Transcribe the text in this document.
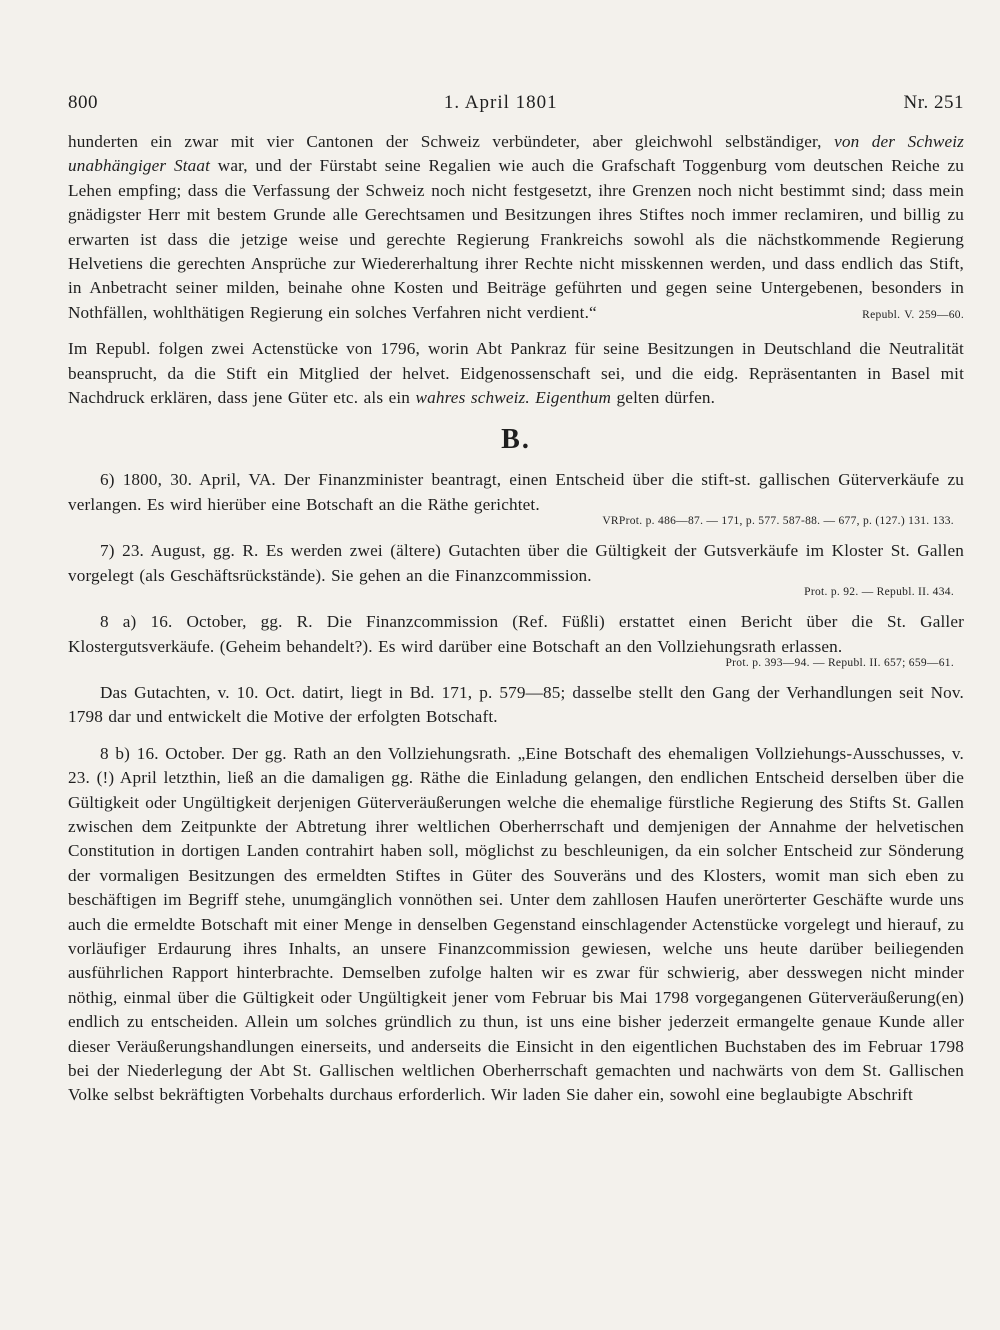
800	1. April 1801	Nr. 251

hunderten ein zwar mit vier Cantonen der Schweiz verbündeter, aber gleichwohl selbständiger, von der Schweiz unabhängiger Staat war, und der Fürstabt seine Regalien wie auch die Grafschaft Toggenburg vom deutschen Reiche zu Lehen empfing; dass die Verfassung der Schweiz noch nicht festgesetzt, ihre Grenzen noch nicht bestimmt sind; dass mein gnädigster Herr mit bestem Grunde alle Gerechtsamen und Besitzungen ihres Stiftes noch immer reclamiren, und billig zu erwarten ist dass die jetzige weise und gerechte Regierung Frankreichs sowohl als die nächstkommende Regierung Helvetiens die gerechten Ansprüche zur Wiedererhaltung ihrer Rechte nicht misskennen werden, und dass endlich das Stift, in Anbetracht seiner milden, beinahe ohne Kosten und Beiträge geführten und gegen seine Untergebenen, besonders in Nothfällen, wohlthätigen Regierung ein solches Verfahren nicht verdient.“	Republ. V. 259—60.

Im Republ. folgen zwei Actenstücke von 1796, worin Abt Pankraz für seine Besitzungen in Deutschland die Neutralität beansprucht, da die Stift ein Mitglied der helvet. Eidgenossenschaft sei, und die eidg. Repräsentanten in Basel mit Nachdruck erklären, dass jene Güter etc. als ein wahres schweiz. Eigenthum gelten dürfen.

B.

6) 1800, 30. April, VA. Der Finanzminister beantragt, einen Entscheid über die stift-st. gallischen Güterverkäufe zu verlangen. Es wird hierüber eine Botschaft an die Räthe gerichtet.

VRProt. p. 486—87. — 171, p. 577. 587-88. — 677, p. (127.) 131. 133.

7) 23. August, gg. R. Es werden zwei (ältere) Gutachten über die Gültigkeit der Gutsverkäufe im Kloster St. Gallen vorgelegt (als Geschäftsrückstände). Sie gehen an die Finanzcommission.

Prot. p. 92. — Republ. II. 434.

8 a) 16. October, gg. R. Die Finanzcommission (Ref. Füßli) erstattet einen Bericht über die St. Galler Klostergutsverkäufe. (Geheim behandelt?). Es wird darüber eine Botschaft an den Vollziehungsrath erlassen.

Prot. p. 393—94. — Republ. II. 657; 659—61.

Das Gutachten, v. 10. Oct. datirt, liegt in Bd. 171, p. 579—85; dasselbe stellt den Gang der Verhandlungen seit Nov. 1798 dar und entwickelt die Motive der erfolgten Botschaft.

8 b) 16. October. Der gg. Rath an den Vollziehungsrath. „Eine Botschaft des ehemaligen Vollziehungs-Ausschusses, v. 23. (!) April letzthin, ließ an die damaligen gg. Räthe die Einladung gelangen, den endlichen Entscheid derselben über die Gültigkeit oder Ungültigkeit derjenigen Güterveräußerungen welche die ehemalige fürstliche Regierung des Stifts St. Gallen zwischen dem Zeitpunkte der Abtretung ihrer weltlichen Oberherrschaft und demjenigen der Annahme der helvetischen Constitution in dortigen Landen contrahirt haben soll, möglichst zu beschleunigen, da ein solcher Entscheid zur Sönderung der vormaligen Besitzungen des ermeldten Stiftes in Güter des Souveräns und des Klosters, womit man sich eben zu beschäftigen im Begriff stehe, unumgänglich vonnöthen sei. Unter dem zahllosen Haufen unerörterter Geschäfte wurde uns auch die ermeldte Botschaft mit einer Menge in denselben Gegenstand einschlagender Actenstücke vorgelegt und hierauf, zu vorläufiger Erdaurung ihres Inhalts, an unsere Finanzcommission gewiesen, welche uns heute darüber beiliegenden ausführlichen Rapport hinterbrachte. Demselben zufolge halten wir es zwar für schwierig, aber desswegen nicht minder nöthig, einmal über die Gültigkeit oder Ungültigkeit jener vom Februar bis Mai 1798 vorgegangenen Güterveräußerung(en) endlich zu entscheiden. Allein um solches gründlich zu thun, ist uns eine bisher jederzeit ermangelte genaue Kunde aller dieser Veräußerungshandlungen einerseits, und anderseits die Einsicht in den eigentlichen Buchstaben des im Februar 1798 bei der Niederlegung der Abt St. Gallischen weltlichen Oberherrschaft gemachten und nachwärts von dem St. Gallischen Volke selbst bekräftigten Vorbehalts durchaus erforderlich. Wir laden Sie daher ein, sowohl eine beglaubigte Abschrift
